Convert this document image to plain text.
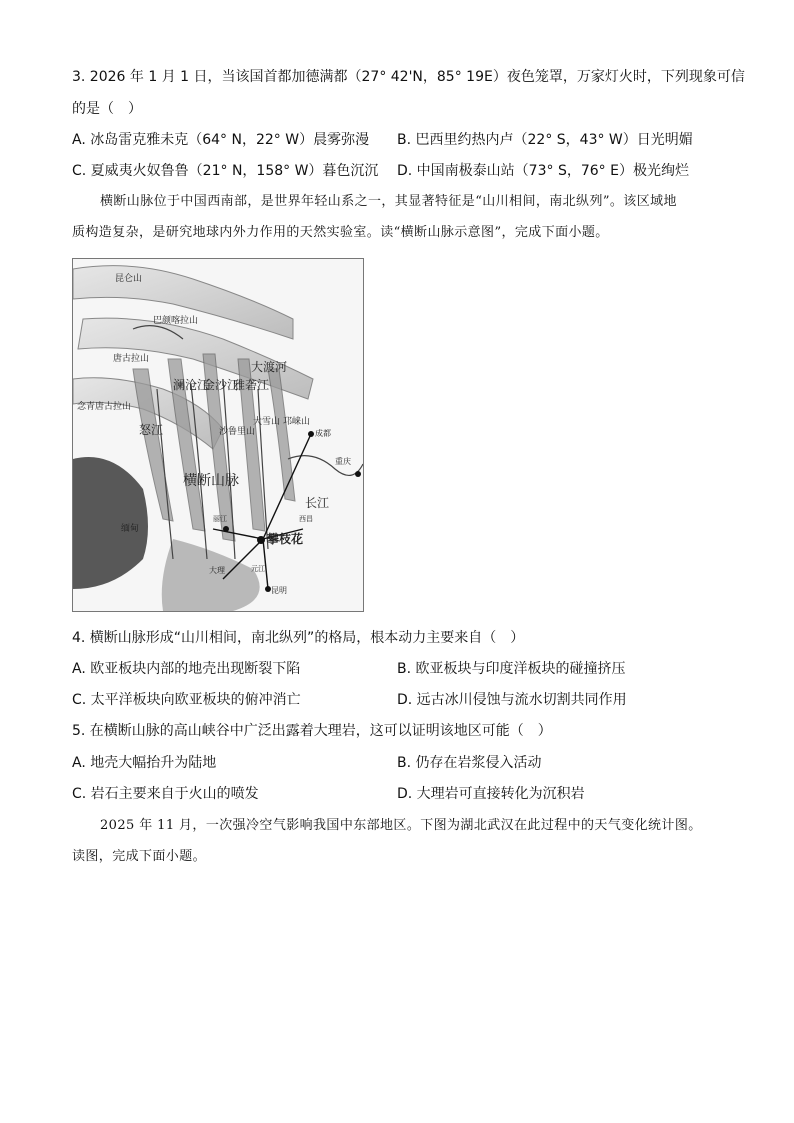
3. 2026 年 1 月 1 日，当该国首都加德满都（27° 42'N，85° 19E）夜色笼罩，万家灯火时，下列现象可信
的是（　）
A. 冰岛雷克雅未克（64° N，22° W）晨雾弥漫 B. 巴西里约热内卢（22° S，43° W）日光明媚
C. 夏威夷火奴鲁鲁（21° N，158° W）暮色沉沉 D. 中国南极泰山站（73° S，76° E）极光绚烂
横断山脉位于中国西南部，是世界年轻山系之一，其显著特征是“山川相间，南北纵列”。该区域地
质构造复杂，是研究地球内外力作用的天然实验室。读“横断山脉示意图”，完成下面小题。
昆仑山
巴颜喀拉山
唐古拉山
念青唐古拉山
怒江
澜沧江
金沙江
雅砻江
大渡河
大雪山 邛崃山
横断山脉
沙鲁里山	成都
重庆
长江
攀枝花
大理
昆明
元江
缅甸
西昌
丽江
4. 横断山脉形成“山川相间，南北纵列”的格局，根本动力主要来自（　）
A. 欧亚板块内部的地壳出现断裂下陷	B. 欧亚板块与印度洋板块的碰撞挤压
C. 太平洋板块向欧亚板块的俯冲消亡	D. 远古冰川侵蚀与流水切割共同作用
5. 在横断山脉的高山峡谷中广泛出露着大理岩，这可以证明该地区可能（　）
A. 地壳大幅抬升为陆地	B. 仍存在岩浆侵入活动
C. 岩石主要来自于火山的喷发	D. 大理岩可直接转化为沉积岩
2025 年 11 月，一次强冷空气影响我国中东部地区。下图为湖北武汉在此过程中的天气变化统计图。
读图，完成下面小题。
